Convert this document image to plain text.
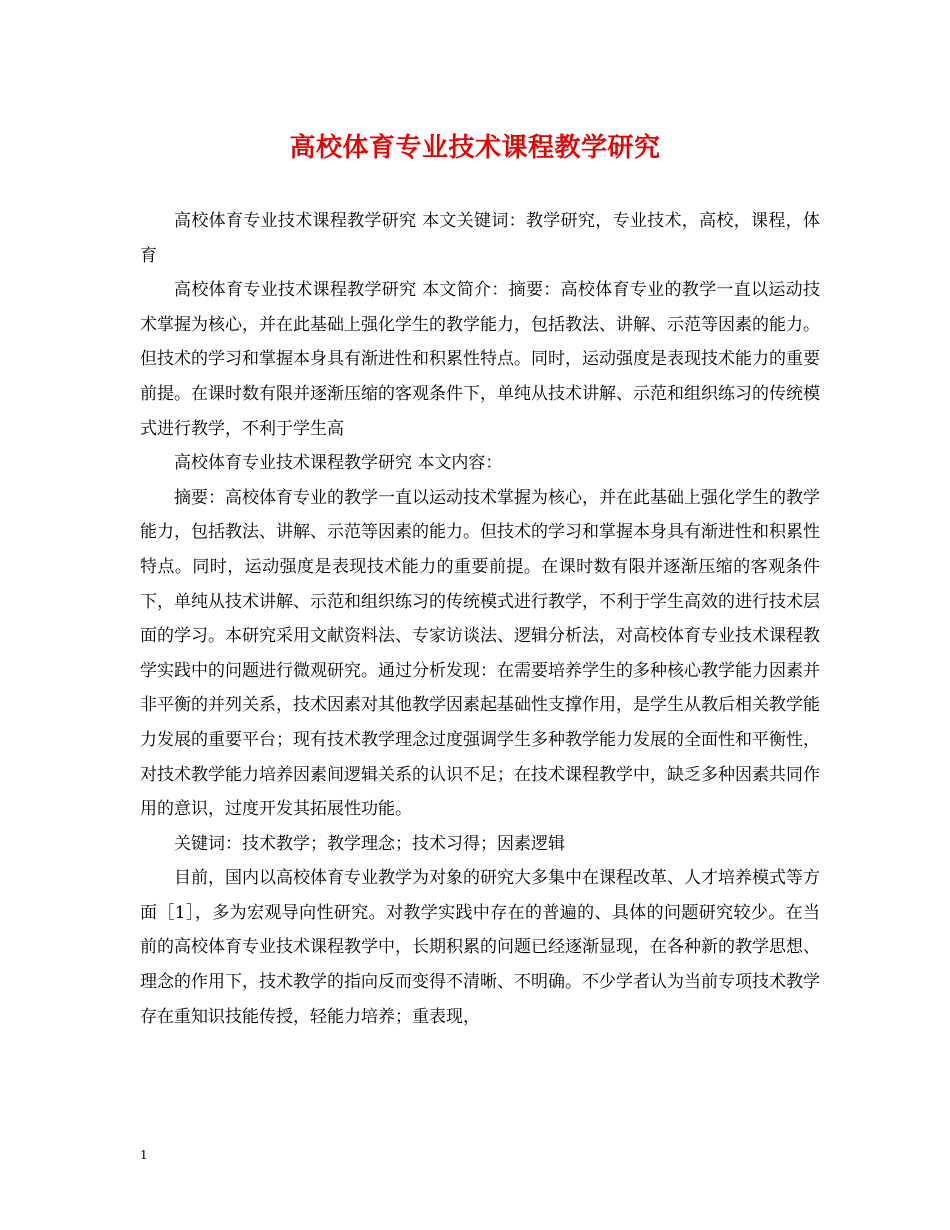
高校体育专业技术课程教学研究

高校体育专业技术课程教学研究 本文关键词：教学研究，专业技术，高校，课程，体育

高校体育专业技术课程教学研究 本文简介：摘要：高校体育专业的教学一直以运动技术掌握为核心，并在此基础上强化学生的教学能力，包括教法、讲解、示范等因素的能力。但技术的学习和掌握本身具有渐进性和积累性特点。同时，运动强度是表现技术能力的重要前提。在课时数有限并逐渐压缩的客观条件下，单纯从技术讲解、示范和组织练习的传统模式进行教学，不利于学生高

高校体育专业技术课程教学研究 本文内容：

摘要：高校体育专业的教学一直以运动技术掌握为核心，并在此基础上强化学生的教学能力，包括教法、讲解、示范等因素的能力。但技术的学习和掌握本身具有渐进性和积累性特点。同时，运动强度是表现技术能力的重要前提。在课时数有限并逐渐压缩的客观条件下，单纯从技术讲解、示范和组织练习的传统模式进行教学，不利于学生高效的进行技术层面的学习。本研究采用文献资料法、专家访谈法、逻辑分析法，对高校体育专业技术课程教学实践中的问题进行微观研究。通过分析发现：在需要培养学生的多种核心教学能力因素并非平衡的并列关系，技术因素对其他教学因素起基础性支撑作用，是学生从教后相关教学能力发展的重要平台；现有技术教学理念过度强调学生多种教学能力发展的全面性和平衡性，对技术教学能力培养因素间逻辑关系的认识不足；在技术课程教学中，缺乏多种因素共同作用的意识，过度开发其拓展性功能。

关键词：技术教学；教学理念；技术习得；因素逻辑

目前，国内以高校体育专业教学为对象的研究大多集中在课程改革、人才培养模式等方面［1］，多为宏观导向性研究。对教学实践中存在的普遍的、具体的问题研究较少。在当前的高校体育专业技术课程教学中，长期积累的问题已经逐渐显现，在各种新的教学思想、理念的作用下，技术教学的指向反而变得不清晰、不明确。不少学者认为当前专项技术教学存在重知识技能传授，轻能力培养；重表现，

1
